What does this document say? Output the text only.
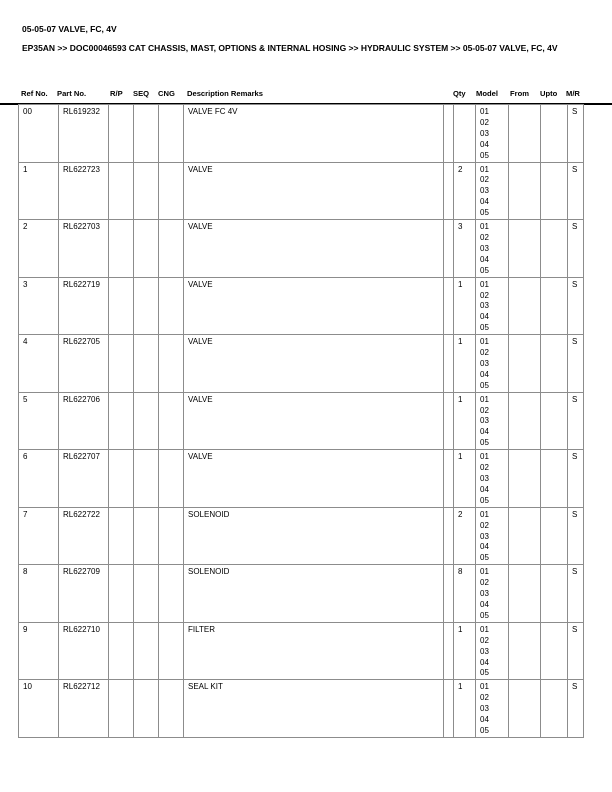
05-05-07 VALVE, FC, 4V
EP35AN >> DOC00046593 CAT CHASSIS, MAST, OPTIONS & INTERNAL HOSING >> HYDRAULIC SYSTEM >> 05-05-07 VALVE, FC, 4V
Ref No. Part No.	R/P SEQ CNG Description Remarks	Qty Model From Upto M/R
00	RL619232				VALVE FC 4V			01
02
03
04
05			S
1	RL622723				VALVE		2	01
02
03
04
05			S
2	RL622703				VALVE		3	01
02
03
04
05			S
3	RL622719				VALVE		1	01
02
03
04
05			S
4	RL622705				VALVE		1	01
02
03
04
05			S
5	RL622706				VALVE		1	01
02
03
04
05			S
6	RL622707				VALVE		1	01
02
03
04
05			S
7	RL622722				SOLENOID		2	01
02
03
04
05			S
8	RL622709				SOLENOID		8	01
02
03
04
05			S
9	RL622710				FILTER		1	01
02
03
04
05			S
10	RL622712				SEAL KIT		1	01
02
03
04
05			S
